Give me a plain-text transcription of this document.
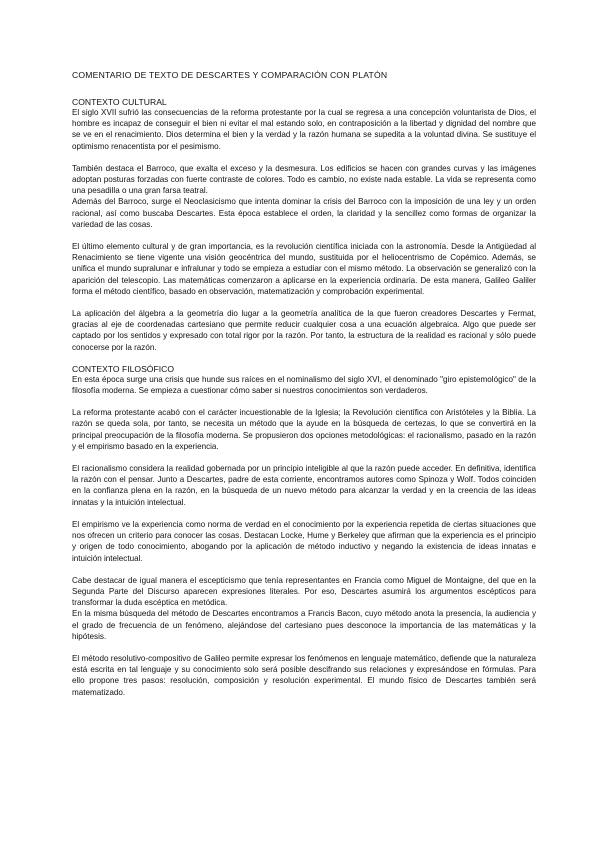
COMENTARIO DE TEXTO DE DESCARTES Y COMPARACIÓN CON PLATÓN
CONTEXTO CULTURAL

El siglo XVII sufrió las consecuencias de la reforma protestante por la cual se regresa a una concepción voluntarista de Dios, el hombre es incapaz de conseguir el bien ni evitar el mal estando solo, en contraposición a la libertad y dignidad del nombre que se ve en el renacimiento. Dios determina el bien y la verdad y la razón humana se supedita a la voluntad divina. Se sustituye el optimismo renacentista por el pesimismo.

También destaca el Barroco, que exalta el exceso y la desmesura. Los edificios se hacen con grandes curvas y las imágenes adoptan posturas forzadas con fuerte contraste de colores. Todo es cambio, no existe nada estable. La vida se representa como una pesadilla o una gran farsa teatral.

Además del Barroco, surge el Neoclasicismo que intenta dominar la crisis del Barroco con la imposición de una ley y un orden racional, así como buscaba Descartes. Esta época establece el orden, la claridad y la sencillez como formas de organizar la variedad de las cosas.

El último elemento cultural y de gran importancia, es la revolución científica iniciada con la astronomía. Desde la Antigüedad al Renacimiento se tiene vigente una visión geocéntrica del mundo, sustituida por el heliocentrismo de Copémico. Además, se unifica el mundo supralunar e infralunar y todo se empieza a estudiar con el mismo método. La observación se generalizó con la aparición del telescopio. Las matemáticas comenzaron a aplicarse en la experiencia ordinaria. De esta manera, Galileo Galiler forma el método científico, basado en observación, matematización y comprobación experimental.

La aplicación del álgebra a la geometría dio lugar a la geometría analítica de la que fueron creadores Descartes y Fermat, gracias al eje de coordenadas cartesiano que permite reducir cualquier cosa a una ecuación algebraica. Algo que puede ser captado por los sentidos y expresado con total rigor por la razón. Por tanto, la estructura de la realidad es racional y sólo puede conocerse por la razón.

CONTEXTO FILOSÓFICO

En esta época surge una crisis que hunde sus raíces en el nominalismo del siglo XVI, el denominado "giro epistemológico" de la filosofía moderna. Se empieza a cuestionar cómo saber si nuestros conocimientos son verdaderos.

La reforma protestante acabó con el carácter incuestionable de la Iglesia; la Revolución científica con Aristóteles y la Biblia. La razón se queda sola, por tanto, se necesita un método que la ayude en la búsqueda de certezas, lo que se convertirá en la principal preocupación de la filosofía moderna. Se propusieron dos opciones metodológicas: el racionalismo, pasado en la razón y el empirismo basado en la experiencia.

El racionalismo considera la realidad gobernada por un principio inteligible al que la razón puede acceder. En definitiva, identifica la razón con el pensar. Junto a Descartes, padre de esta corriente, encontramos autores como Spinoza y Wolf. Todos coinciden en la confianza plena en la razón, en la búsqueda de un nuevo método para alcanzar la verdad y en la creencia de las ideas innatas y la intuición intelectual.

El empirismo ve la experiencia como norma de verdad en el conocimiento por la experiencia repetida de ciertas situaciones que nos ofrecen un criterio para conocer las cosas. Destacan Locke, Hume y Berkeley que afirman que la experiencia es el principio y origen de todo conocimiento, abogando por la aplicación de método inductivo y negando la existencia de ideas innatas e intuición intelectual.

Cabe destacar de igual manera el escepticismo que tenía representantes en Francia como Miguel de Montaigne, del que en la Segunda Parte del Discurso aparecen expresiones literales. Por eso, Descartes asumirá los argumentos escépticos para transformar la duda escéptica en metódica.

En la misma búsqueda del método de Descartes encontramos a Francis Bacon, cuyo método anota la presencia, la audiencia y el grado de frecuencia de un fenómeno, alejándose del cartesiano pues desconoce la importancia de las matemáticas y la hipótesis.

El método resolutivo-compositivo de Galileo permite expresar los fenómenos en lenguaje matemático, defiende que la naturaleza está escrita en tal lenguaje y su conocimiento solo será posible descifrando sus relaciones y expresándose en fórmulas. Para ello propone tres pasos: resolución, composición y resolución experimental. El mundo físico de Descartes también será matematizado.
